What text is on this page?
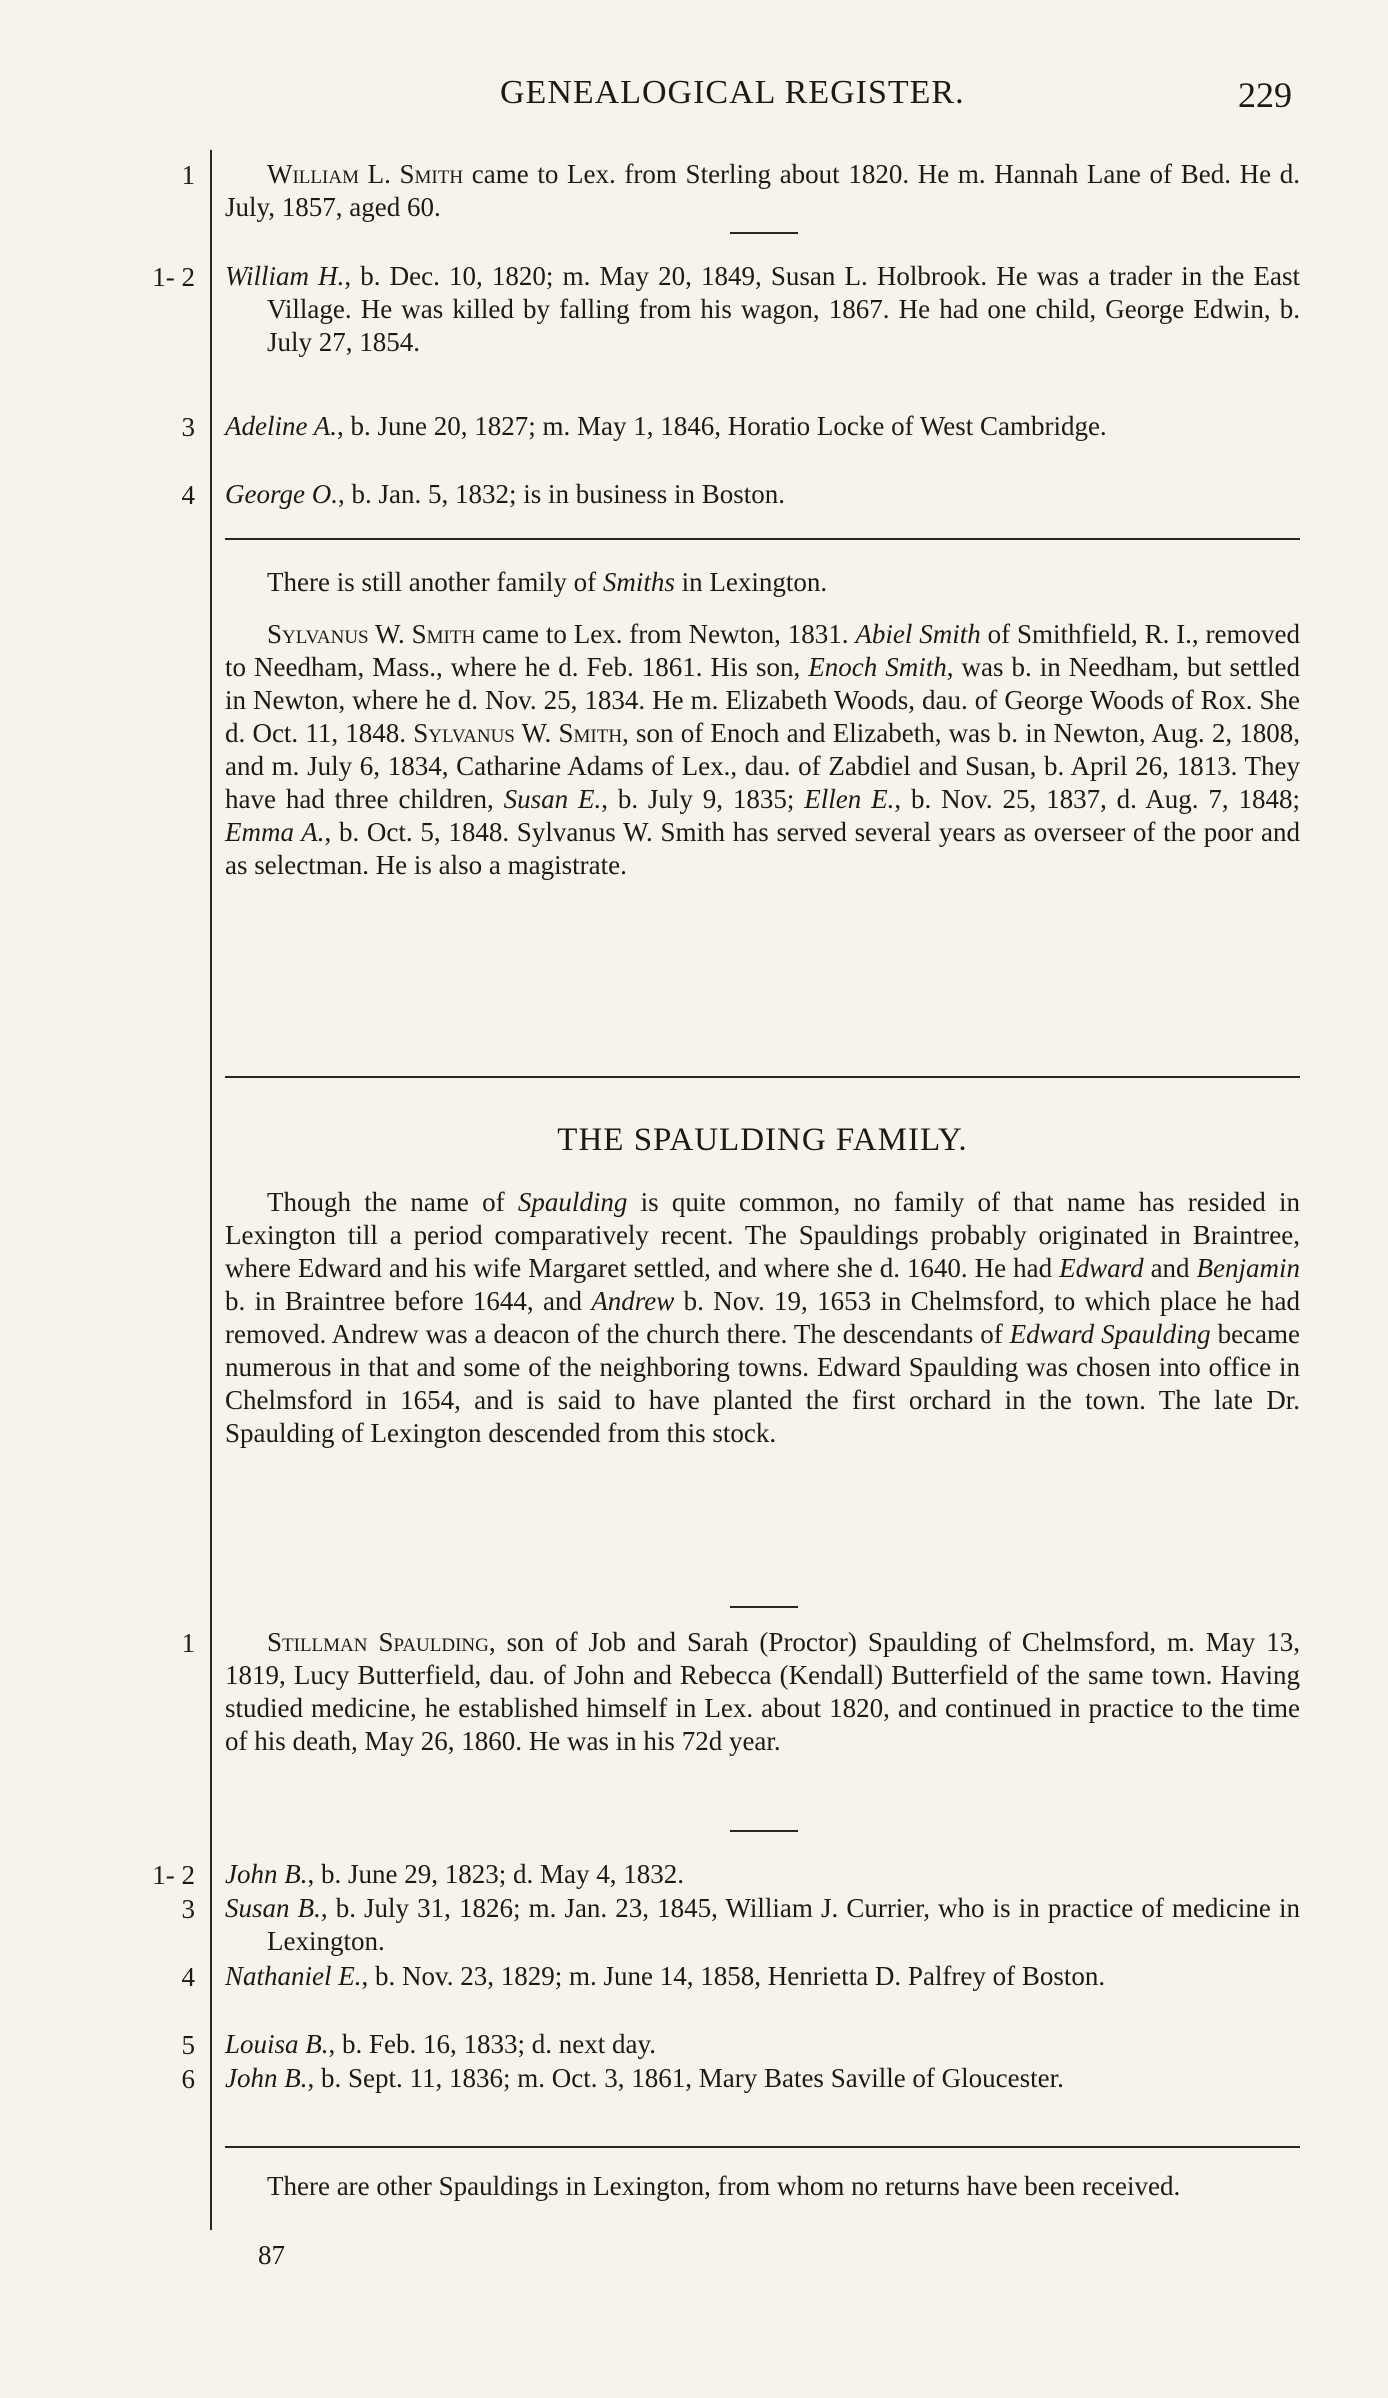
GENEALOGICAL REGISTER.	229
1	William L. Smith came to Lex. from Sterling about 1820. He m. Hannah Lane of Bed. He d. July, 1857, aged 60.
1- 2 William H., b. Dec. 10, 1820; m. May 20, 1849, Susan L. Holbrook. He was a trader in the East Village. He was killed by falling from his wagon, 1867. He had one child, George Edwin, b. July 27, 1854.
3 Adeline A., b. June 20, 1827; m. May 1, 1846, Horatio Locke of West Cambridge.
4 George O., b. Jan. 5, 1832; is in business in Boston.
There is still another family of Smiths in Lexington.
Sylvanus W. Smith came to Lex. from Newton, 1831. Abiel Smith of Smithfield, R. I., removed to Needham, Mass., where he d. Feb. 1861. His son, Enoch Smith, was b. in Needham, but settled in Newton, where he d. Nov. 25, 1834. He m. Elizabeth Woods, dau. of George Woods of Rox. She d. Oct. 11, 1848. Sylvanus W. Smith, son of Enoch and Elizabeth, was b. in Newton, Aug. 2, 1808, and m. July 6, 1834, Catharine Adams of Lex., dau. of Zabdiel and Susan, b. April 26, 1813. They have had three children, Susan E., b. July 9, 1835; Ellen E., b. Nov. 25, 1837, d. Aug. 7, 1848; Emma A., b. Oct. 5, 1848. Sylvanus W. Smith has served several years as overseer of the poor and as selectman. He is also a magistrate.
THE SPAULDING FAMILY.
Though the name of Spaulding is quite common, no family of that name has resided in Lexington till a period comparatively recent. The Spauldings probably originated in Braintree, where Edward and his wife Margaret settled, and where she d. 1640. He had Edward and Benjamin b. in Braintree before 1644, and Andrew b. Nov. 19, 1653 in Chelmsford, to which place he had removed. Andrew was a deacon of the church there. The descendants of Edward Spaulding became numerous in that and some of the neighboring towns. Edward Spaulding was chosen into office in Chelmsford in 1654, and is said to have planted the first orchard in the town. The late Dr. Spaulding of Lexington descended from this stock.
1	Stillman Spaulding, son of Job and Sarah (Proctor) Spaulding of Chelmsford, m. May 13, 1819, Lucy Butterfield, dau. of John and Rebecca (Kendall) Butterfield of the same town. Having studied medicine, he established himself in Lex. about 1820, and continued in practice to the time of his death, May 26, 1860. He was in his 72d year.
1- 2 John B., b. June 29, 1823; d. May 4, 1832.
3 Susan B., b. July 31, 1826; m. Jan. 23, 1845, William J. Currier, who is in practice of medicine in Lexington.
4 Nathaniel E., b. Nov. 23, 1829; m. June 14, 1858, Henrietta D. Palfrey of Boston.
5 Louisa B., b. Feb. 16, 1833; d. next day.
6 John B., b. Sept. 11, 1836; m. Oct. 3, 1861, Mary Bates Saville of Gloucester.
There are other Spauldings in Lexington, from whom no returns have been received.
87
